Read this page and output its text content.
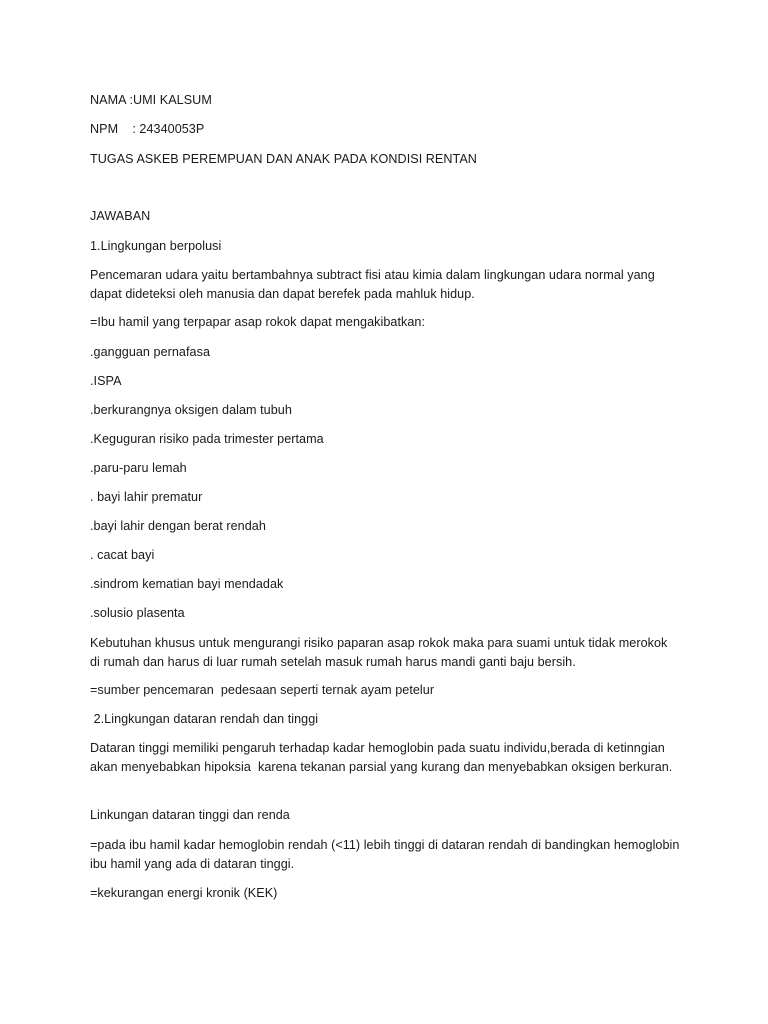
NAMA :UMI KALSUM

NPM    : 24340053P

TUGAS ASKEB PEREMPUAN DAN ANAK PADA KONDISI RENTAN

JAWABAN

1.Lingkungan berpolusi

Pencemaran udara yaitu bertambahnya subtract fisi atau kimia dalam lingkungan udara normal yang dapat dideteksi oleh manusia dan dapat berefek pada mahluk hidup.

=Ibu hamil yang terpapar asap rokok dapat mengakibatkan:

.gangguan pernafasa

.ISPA

.berkurangnya oksigen dalam tubuh

.Keguguran risiko pada trimester pertama

.paru-paru lemah

. bayi lahir prematur

.bayi lahir dengan berat rendah

. cacat bayi

.sindrom kematian bayi mendadak

.solusio plasenta

Kebutuhan khusus untuk mengurangi risiko paparan asap rokok maka para suami untuk tidak merokok di rumah dan harus di luar rumah setelah masuk rumah harus mandi ganti baju bersih.

=sumber pencemaran  pedesaan seperti ternak ayam petelur

2.Lingkungan dataran rendah dan tinggi

Dataran tinggi memiliki pengaruh terhadap kadar hemoglobin pada suatu individu,berada di ketinngian akan menyebabkan hipoksia  karena tekanan parsial yang kurang dan menyebabkan oksigen berkuran.

Linkungan dataran tinggi dan renda

=pada ibu hamil kadar hemoglobin rendah (<11) lebih tinggi di dataran rendah di bandingkan hemoglobin ibu hamil yang ada di dataran tinggi.

=kekurangan energi kronik (KEK)
